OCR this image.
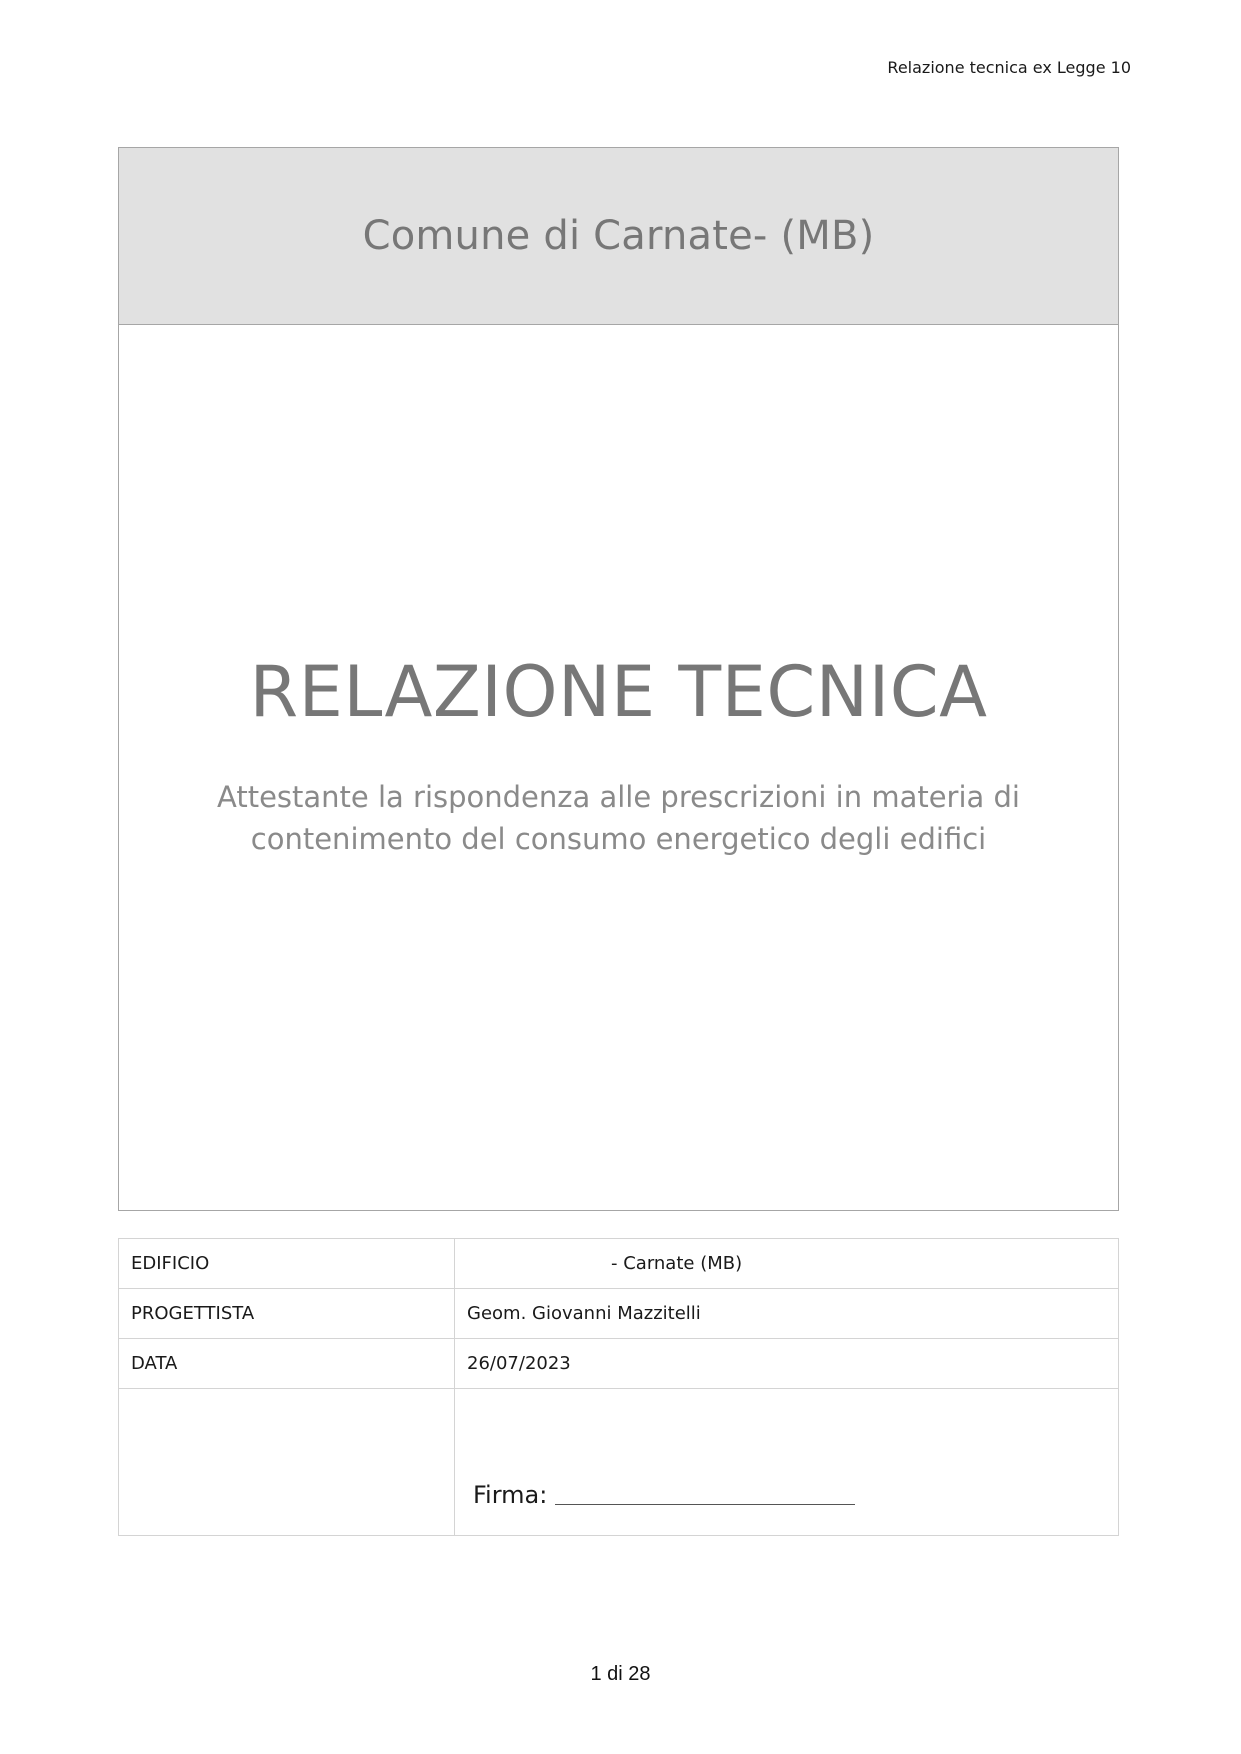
Relazione tecnica ex Legge 10
Comune di Carnate- (MB)
RELAZIONE TECNICA
Attestante la rispondenza alle prescrizioni in materia di
contenimento del consumo energetico degli edifici
EDIFICIO	- Carnate (MB)
PROGETTISTA	Geom. Giovanni Mazzitelli
DATA	26/07/2023

	Firma:
1 di 28
